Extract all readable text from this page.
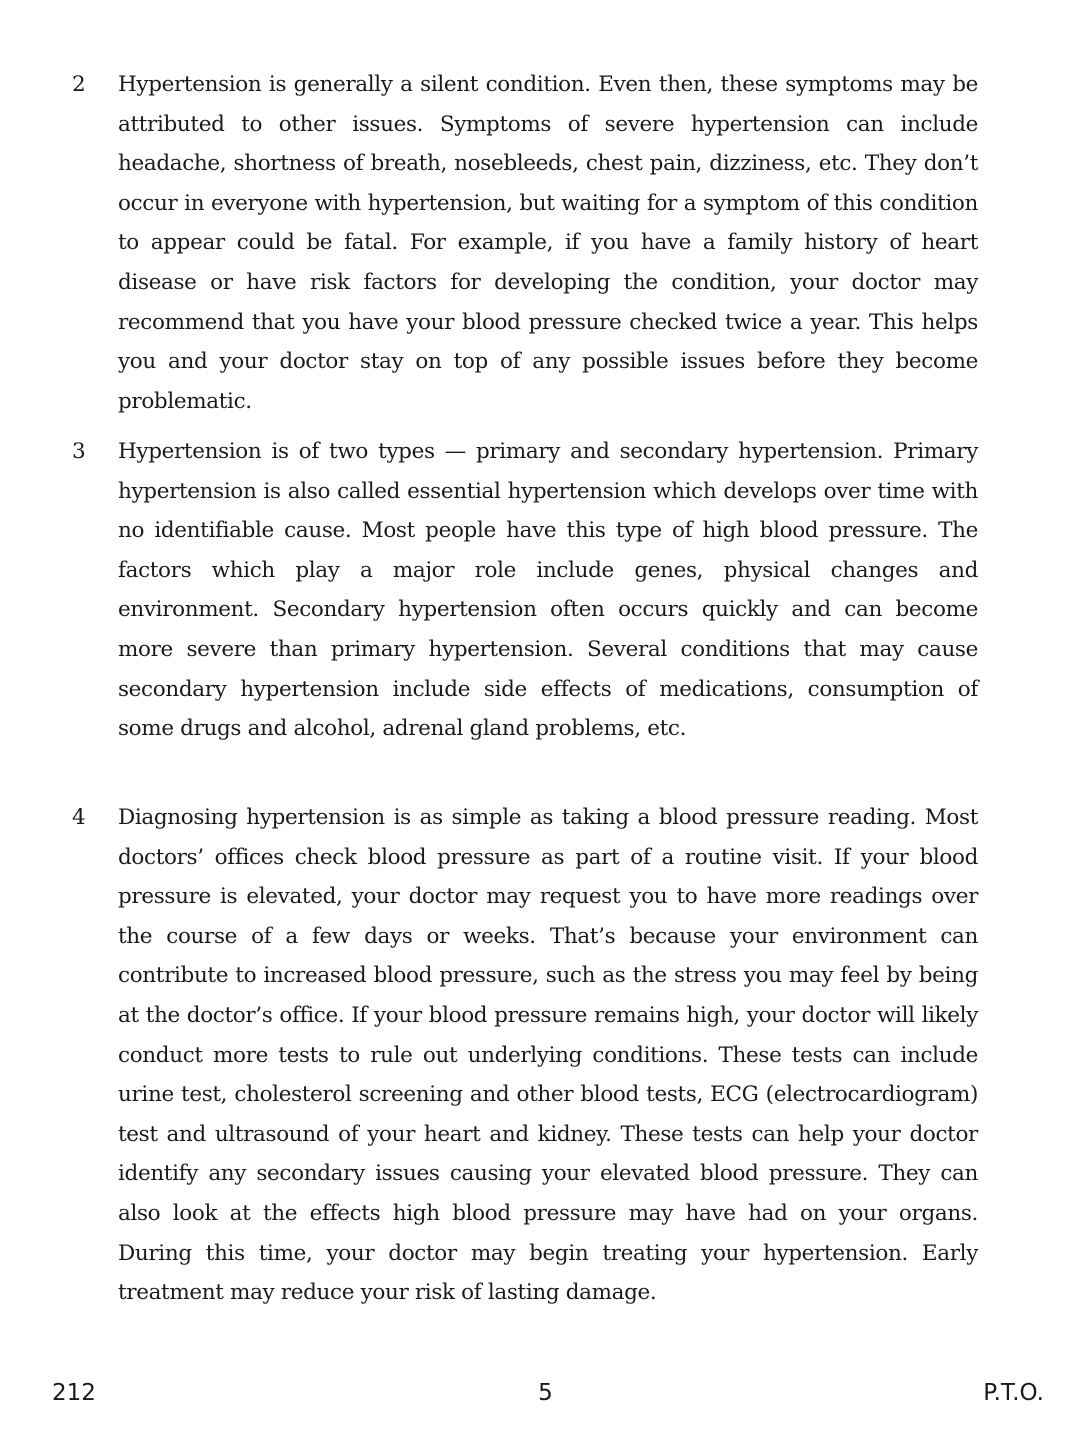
2 Hypertension is generally a silent condition. Even then, these symptoms may be attributed to other issues. Symptoms of severe hypertension can include headache, shortness of breath, nosebleeds, chest pain, dizziness, etc. They don’t occur in everyone with hypertension, but waiting for a symptom of this condition to appear could be fatal. For example, if you have a family history of heart disease or have risk factors for developing the condition, your doctor may recommend that you have your blood pressure checked twice a year. This helps you and your doctor stay on top of any possible issues before they become problematic.

3 Hypertension is of two types — primary and secondary hypertension. Primary hypertension is also called essential hypertension which develops over time with no identifiable cause. Most people have this type of high blood pressure. The factors which play a major role include genes, physical changes and environment. Secondary hypertension often occurs quickly and can become more severe than primary hypertension. Several conditions that may cause secondary hypertension include side effects of medications, consumption of some drugs and alcohol, adrenal gland problems, etc.

4 Diagnosing hypertension is as simple as taking a blood pressure reading. Most doctors’ offices check blood pressure as part of a routine visit. If your blood pressure is elevated, your doctor may request you to have more readings over the course of a few days or weeks. That’s because your environment can contribute to increased blood pressure, such as the stress you may feel by being at the doctor’s office. If your blood pressure remains high, your doctor will likely conduct more tests to rule out underlying conditions. These tests can include urine test, cholesterol screening and other blood tests, ECG (electrocardiogram) test and ultrasound of your heart and kidney. These tests can help your doctor identify any secondary issues causing your elevated blood pressure. They can also look at the effects high blood pressure may have had on your organs. During this time, your doctor may begin treating your hypertension. Early treatment may reduce your risk of lasting damage.

212	5	P.T.O.
